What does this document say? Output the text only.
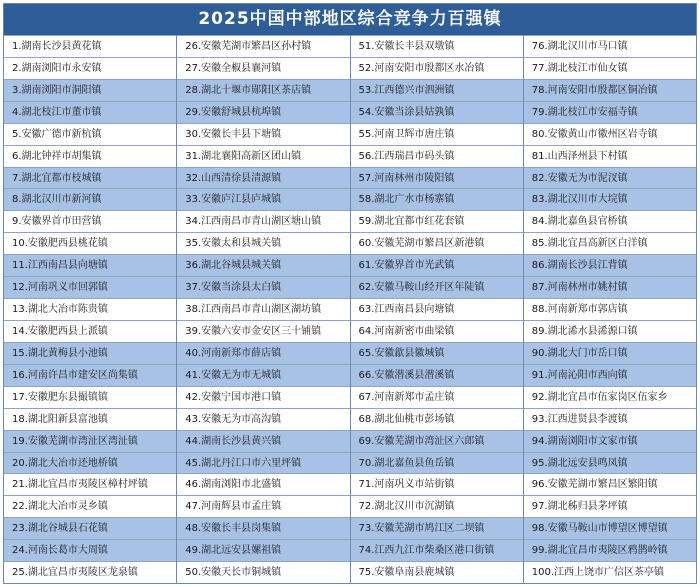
2025中国中部地区综合竞争力百强镇
1.湖南长沙县黄花镇
2.湖南浏阳市永安镇
3.湖南浏阳市洞阳镇
4.湖北枝江市董市镇
5.安徽广德市新杭镇
6.湖北钟祥市胡集镇
7.湖北宜都市枝城镇
8.湖北汉川市新河镇
9.安徽界首市田营镇
10.安徽肥西县桃花镇
11.江西南昌县向塘镇
12.河南巩义市回郭镇
13.湖北大冶市陈贵镇
14.安徽肥西县上派镇
15.湖北黄梅县小池镇
16.河南许昌市建安区尚集镇
17.安徽肥东县撮镇镇
18.湖北阳新县富池镇
19.安徽芜湖市湾沚区湾沚镇
20.湖北大冶市还地桥镇
21.湖北宜昌市夷陵区樟村坪镇
22.湖北大冶市灵乡镇
23.湖北谷城县石花镇
24.河南长葛市大周镇
25.湖北宜昌市夷陵区龙泉镇
26.安徽芜湖市繁昌区孙村镇
27.安徽全椒县襄河镇
28.湖北十堰市郧阳区茶店镇
29.安徽舒城县杭埠镇
30.安徽长丰县下塘镇
31.湖北襄阳高新区团山镇
32.山西清徐县清源镇
33.安徽庐江县庐城镇
34.江西南昌市青山湖区塘山镇
35.安徽太和县城关镇
36.湖北谷城县城关镇
37.安徽当涂县太白镇
38.江西南昌市青山湖区湖坊镇
39.安徽六安市金安区三十铺镇
40.河南新郑市薛店镇
41.安徽无为市无城镇
42.安徽宁国市港口镇
43.安徽无为市高沟镇
44.湖南长沙县黄兴镇
45.湖北丹江口市六里坪镇
46.湖南浏阳市北盛镇
47.河南辉县市孟庄镇
48.安徽长丰县岗集镇
49.湖北远安县嫘祖镇
50.安徽天长市铜城镇
51.安徽长丰县双墩镇
52.河南安阳市殷都区水冶镇
53.江西德兴市泗洲镇
54.安徽当涂县姑孰镇
55.河南卫辉市唐庄镇
56.江西瑞昌市码头镇
57.河南林州市陵阳镇
58.湖北广水市杨寨镇
59.湖北宜都市红花套镇
60.安徽芜湖市繁昌区新港镇
61.安徽界首市光武镇
62.安徽马鞍山经开区年陡镇
63.江西南昌县向塘镇
64.河南新密市曲梁镇
65.安徽歙县徽城镇
66.安徽潜溪县潜溪镇
67.河南新郑市孟庄镇
68.湖北仙桃市彭场镇
69.安徽芜湖市湾沚区六郎镇
70.湖北嘉鱼县鱼岳镇
71.河南巩义市站街镇
72.湖北汉川市沉湖镇
73.安徽芜湖市鸠江区二坝镇
74.江西九江市柴桑区港口街镇
75.安徽阜南县鹿城镇
76.湖北汉川市马口镇
77.湖北枝江市仙女镇
78.河南安阳市殷都区铜冶镇
79.湖北枝江市安福寺镇
80.安徽黄山市徽州区岩寺镇
81.山西泽州县下村镇
82.安徽无为市泥汊镇
83.湖北汉川市大垸镇
84.湖北嘉鱼县官桥镇
85.湖北宜昌高新区白洋镇
86.湖南长沙县江背镇
87.河南林州市姚村镇
88.河南新郑市郭店镇
89.湖北浠水县浠源口镇
90.湖北大门市岳口镇
91.河南沁阳市西向镇
92.湖北宜昌市伍家岗区伍家乡
93.江西进贤县李渡镇
94.湖南浏阳市文家市镇
95.湖北远安县鸣凤镇
96.安徽芜湖市繁昌区繁阳镇
97.湖北秭归县茅坪镇
98.安徽马鞍山市博望区博望镇
99.湖北宜昌市夷陵区鸦鹊岭镇
100.江西上饶市广信区茶亭镇
